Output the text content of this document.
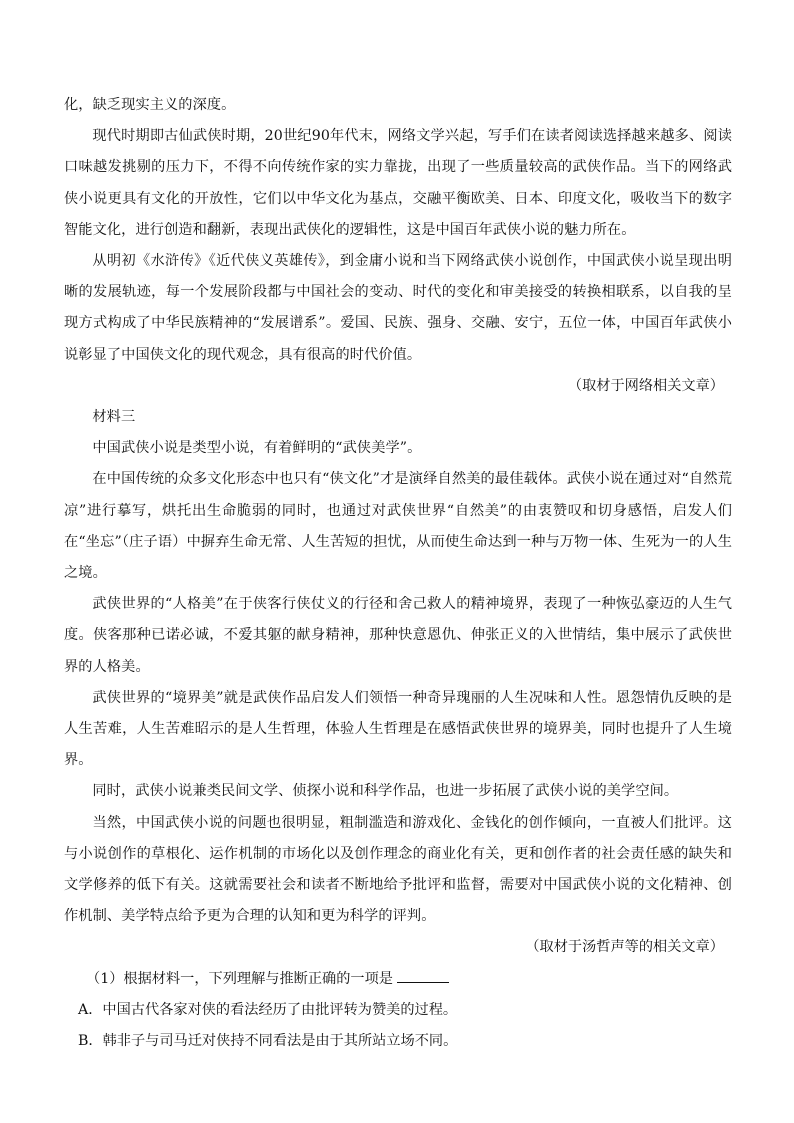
化，缺乏现实主义的深度。

现代时期即古仙武侠时期，20世纪90年代末，网络文学兴起，写手们在读者阅读选择越来越多、阅读口味越发挑剔的压力下，不得不向传统作家的实力靠拢，出现了一些质量较高的武侠作品。当下的网络武侠小说更具有文化的开放性，它们以中华文化为基点，交融平衡欧美、日本、印度文化，吸收当下的数字智能文化，进行创造和翻新，表现出武侠化的逻辑性，这是中国百年武侠小说的魅力所在。

从明初《水浒传》《近代侠义英雄传》，到金庸小说和当下网络武侠小说创作，中国武侠小说呈现出明晰的发展轨迹，每一个发展阶段都与中国社会的变动、时代的变化和审美接受的转换相联系，以自我的呈现方式构成了中华民族精神的“发展谱系”。爱国、民族、强身、交融、安宁，五位一体，中国百年武侠小说彰显了中国侠文化的现代观念，具有很高的时代价值。

（取材于网络相关文章）

材料三

中国武侠小说是类型小说，有着鲜明的“武侠美学”。

在中国传统的众多文化形态中也只有“侠文化”才是演绎自然美的最佳载体。武侠小说在通过对“自然荒凉”进行摹写，烘托出生命脆弱的同时，也通过对武侠世界“自然美”的由衷赞叹和切身感悟，启发人们在“坐忘”（庄子语）中摒弃生命无常、人生苦短的担忧，从而使生命达到一种与万物一体、生死为一的人生之境。

武侠世界的“人格美”在于侠客行侠仗义的行径和舍己救人的精神境界，表现了一种恢弘豪迈的人生气度。侠客那种已诺必诚，不爱其躯的献身精神，那种快意恩仇、伸张正义的入世情结，集中展示了武侠世界的人格美。

武侠世界的“境界美”就是武侠作品启发人们领悟一种奇异瑰丽的人生况味和人性。恩怨情仇反映的是人生苦难，人生苦难昭示的是人生哲理，体验人生哲理是在感悟武侠世界的境界美，同时也提升了人生境界。

同时，武侠小说兼类民间文学、侦探小说和科学作品，也进一步拓展了武侠小说的美学空间。

当然，中国武侠小说的问题也很明显，粗制滥造和游戏化、金钱化的创作倾向，一直被人们批评。这与小说创作的草根化、运作机制的市场化以及创作理念的商业化有关，更和创作者的社会责任感的缺失和文学修养的低下有关。这就需要社会和读者不断地给予批评和监督，需要对中国武侠小说的文化精神、创作机制、美学特点给予更为合理的认知和更为科学的评判。

（取材于汤哲声等的相关文章）

（1）根据材料一，下列理解与推断正确的一项是

A．中国古代各家对侠的看法经历了由批评转为赞美的过程。

B．韩非子与司马迁对侠持不同看法是由于其所站立场不同。
